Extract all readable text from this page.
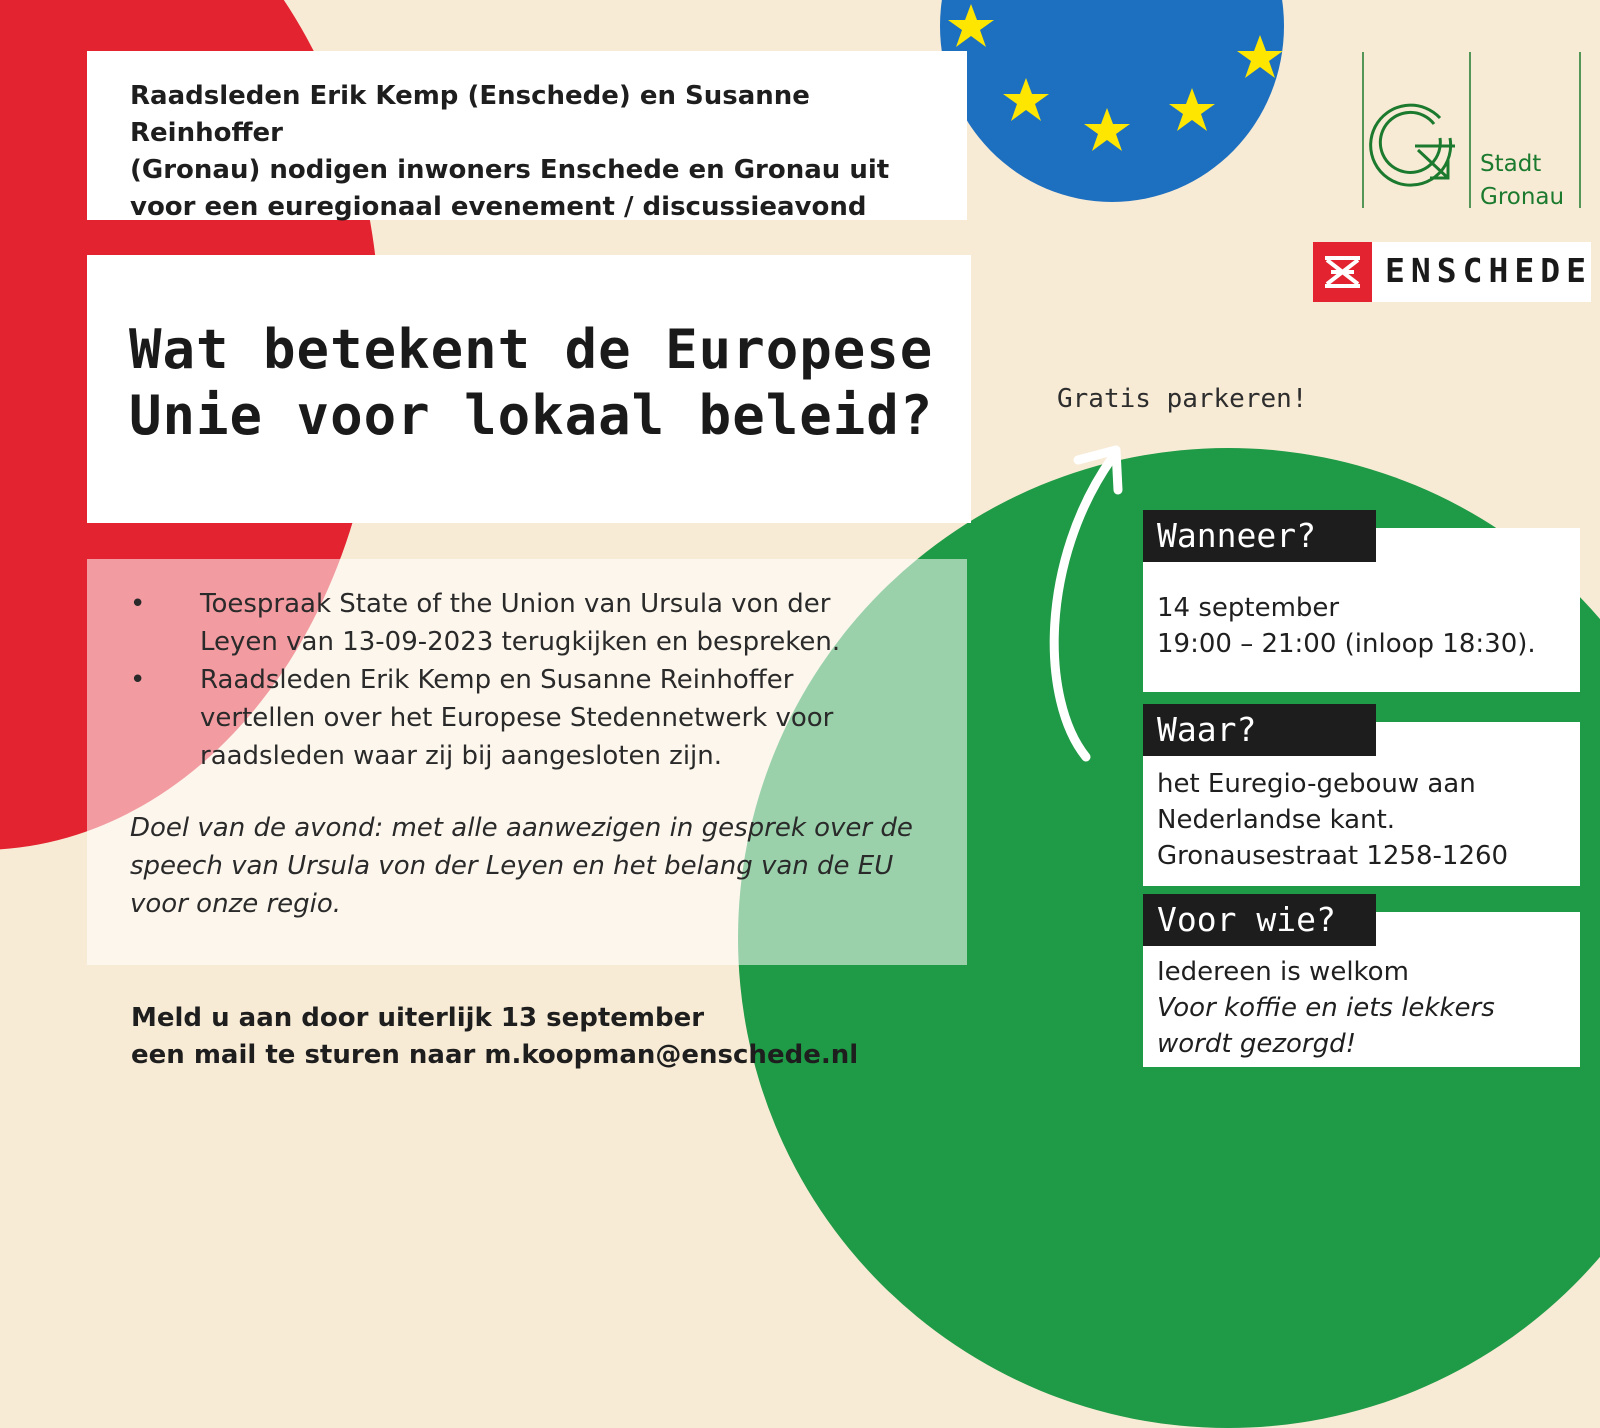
Raadsleden Erik Kemp (Enschede) en Susanne Reinhoffer
(Gronau) nodigen inwoners Enschede en Gronau uit
voor een euregionaal evenement / discussieavond
Wat betekent de Europese
Unie voor lokaal beleid?
• Toespraak State of the Union van Ursula von der Leyen van 13-09-2023 terugkijken en bespreken.
• Raadsleden Erik Kemp en Susanne Reinhoffer vertellen over het Europese Stedennetwerk voor raadsleden waar zij bij aangesloten zijn.
Doel van de avond: met alle aanwezigen in gesprek over de speech van Ursula von der Leyen en het belang van de EU voor onze regio.
Meld u aan door uiterlijk 13 september
een mail te sturen naar m.koopman@enschede.nl
Stadt
Gronau
ENSCHEDE
Gratis parkeren!
14 september
19:00 – 21:00 (inloop 18:30).
Wanneer?
het Euregio-gebouw aan
Nederlandse kant.
Gronausestraat 1258-1260
Waar?
Iedereen is welkom
Voor koffie en iets lekkers
wordt gezorgd!
Voor wie?
